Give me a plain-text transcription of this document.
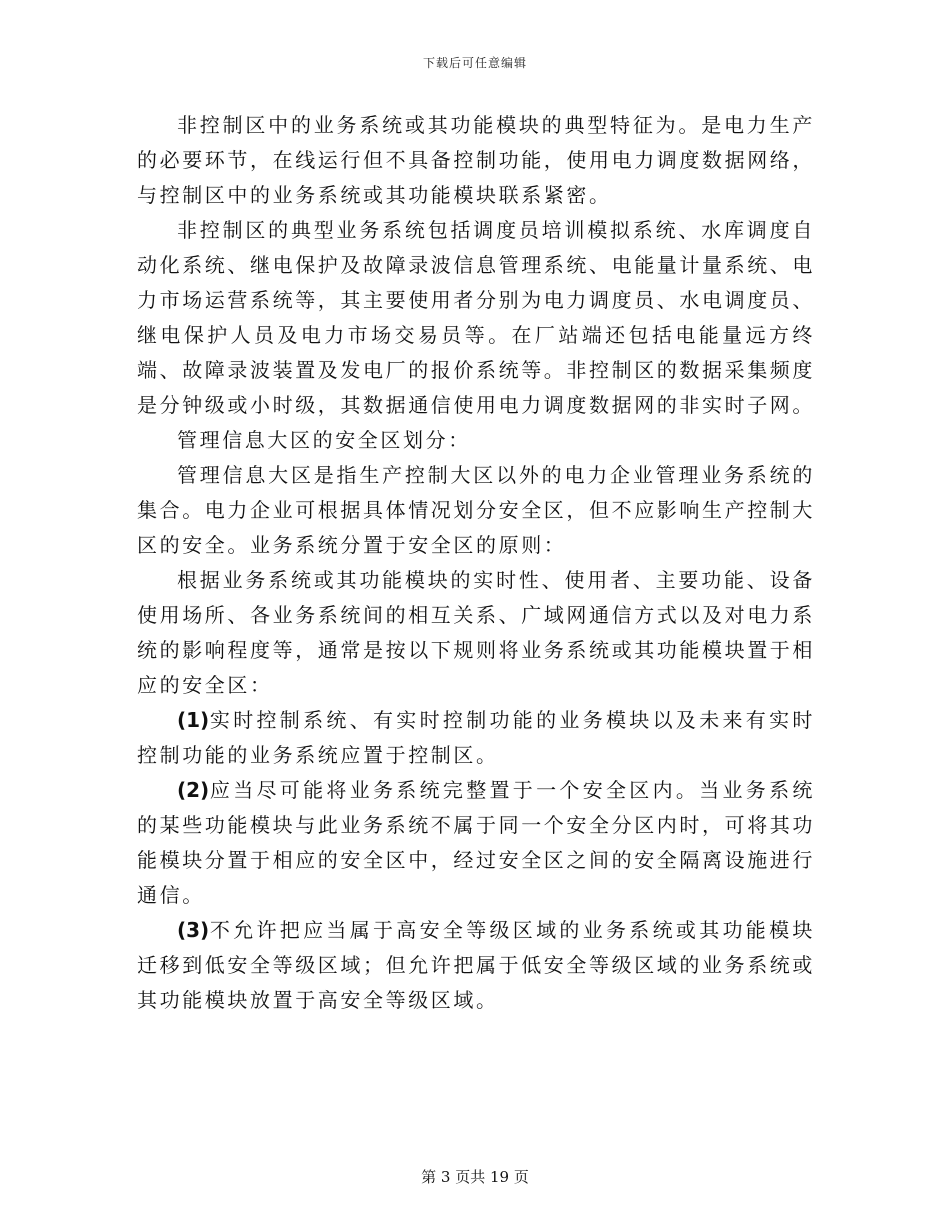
下载后可任意编辑

非控制区中的业务系统或其功能模块的典型特征为。是电力生产的必要环节，在线运行但不具备控制功能，使用电力调度数据网络，与控制区中的业务系统或其功能模块联系紧密。

非控制区的典型业务系统包括调度员培训模拟系统、水库调度自动化系统、继电保护及故障录波信息管理系统、电能量计量系统、电力市场运营系统等，其主要使用者分别为电力调度员、水电调度员、继电保护人员及电力市场交易员等。在厂站端还包括电能量远方终端、故障录波装置及发电厂的报价系统等。非控制区的数据采集频度是分钟级或小时级，其数据通信使用电力调度数据网的非实时子网。

管理信息大区的安全区划分：

管理信息大区是指生产控制大区以外的电力企业管理业务系统的集合。电力企业可根据具体情况划分安全区，但不应影响生产控制大区的安全。业务系统分置于安全区的原则：

根据业务系统或其功能模块的实时性、使用者、主要功能、设备使用场所、各业务系统间的相互关系、广域网通信方式以及对电力系统的影响程度等，通常是按以下规则将业务系统或其功能模块置于相应的安全区：

(1)实时控制系统、有实时控制功能的业务模块以及未来有实时控制功能的业务系统应置于控制区。

(2)应当尽可能将业务系统完整置于一个安全区内。当业务系统的某些功能模块与此业务系统不属于同一个安全分区内时，可将其功能模块分置于相应的安全区中，经过安全区之间的安全隔离设施进行通信。

(3)不允许把应当属于高安全等级区域的业务系统或其功能模块迁移到低安全等级区域；但允许把属于低安全等级区域的业务系统或其功能模块放置于高安全等级区域。

第 3 页共 19 页
